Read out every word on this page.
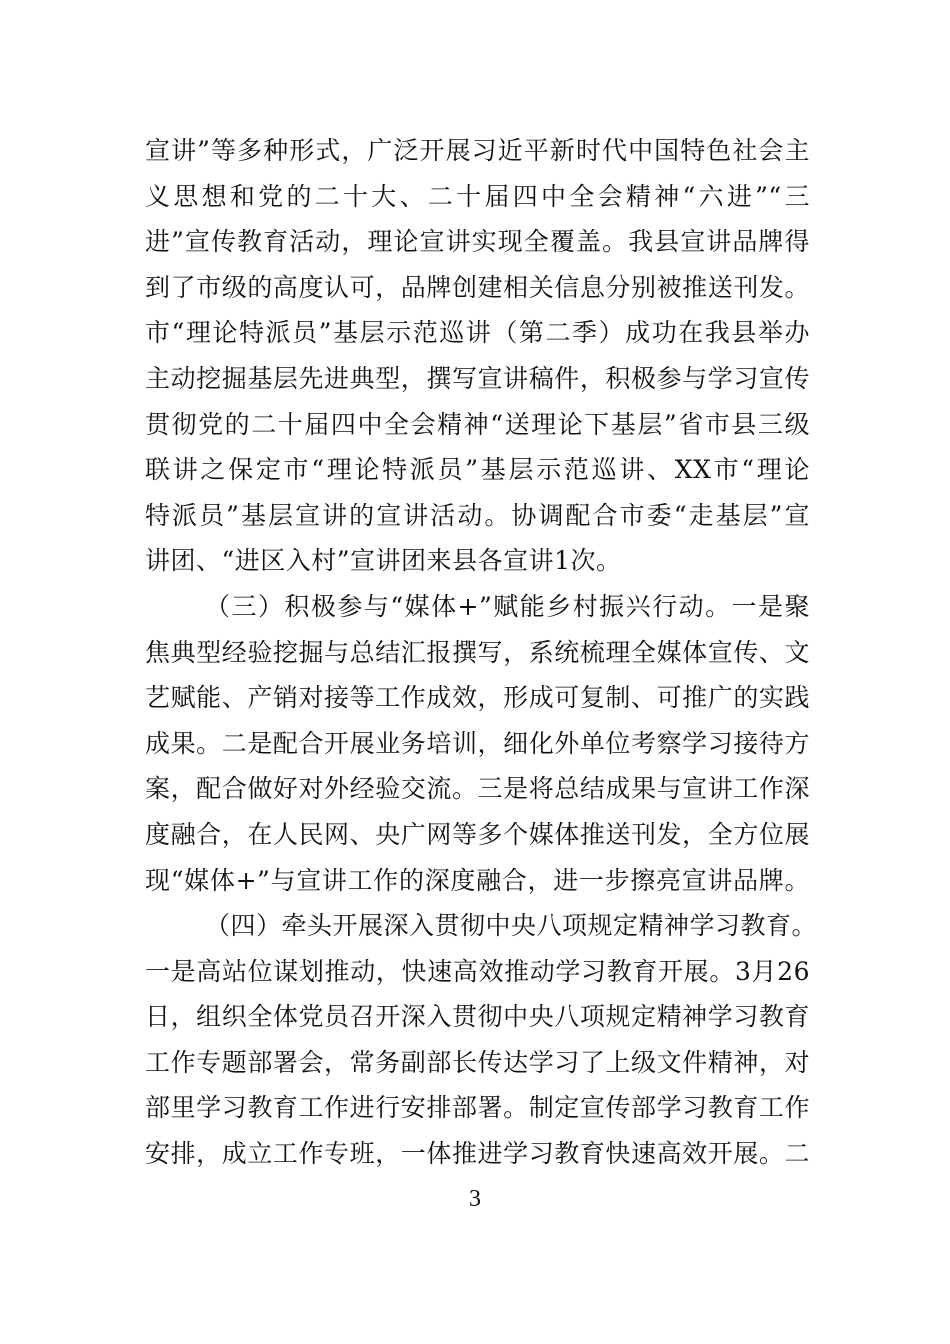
宣讲”等多种形式，广泛开展习近平新时代中国特色社会主
义思想和党的二十大、二十届四中全会精神“六进”“三
进”宣传教育活动，理论宣讲实现全覆盖。我县宣讲品牌得
到了市级的高度认可，品牌创建相关信息分别被推送刊发。
市“理论特派员”基层示范巡讲（第二季）成功在我县举办
主动挖掘基层先进典型，撰写宣讲稿件，积极参与学习宣传
贯彻党的二十届四中全会精神“送理论下基层”省市县三级
联讲之保定市“理论特派员”基层示范巡讲、XX市“理论
特派员”基层宣讲的宣讲活动。协调配合市委“走基层”宣
讲团、“进区入村”宣讲团来县各宣讲1次。
（三）积极参与“媒体+”赋能乡村振兴行动。一是聚
焦典型经验挖掘与总结汇报撰写，系统梳理全媒体宣传、文
艺赋能、产销对接等工作成效，形成可复制、可推广的实践
成果。二是配合开展业务培训，细化外单位考察学习接待方
案，配合做好对外经验交流。三是将总结成果与宣讲工作深
度融合，在人民网、央广网等多个媒体推送刊发，全方位展
现“媒体+”与宣讲工作的深度融合，进一步擦亮宣讲品牌。
（四）牵头开展深入贯彻中央八项规定精神学习教育。
一是高站位谋划推动，快速高效推动学习教育开展。3月26
日，组织全体党员召开深入贯彻中央八项规定精神学习教育
工作专题部署会，常务副部长传达学习了上级文件精神，对
部里学习教育工作进行安排部署。制定宣传部学习教育工作
安排，成立工作专班，一体推进学习教育快速高效开展。二
3
